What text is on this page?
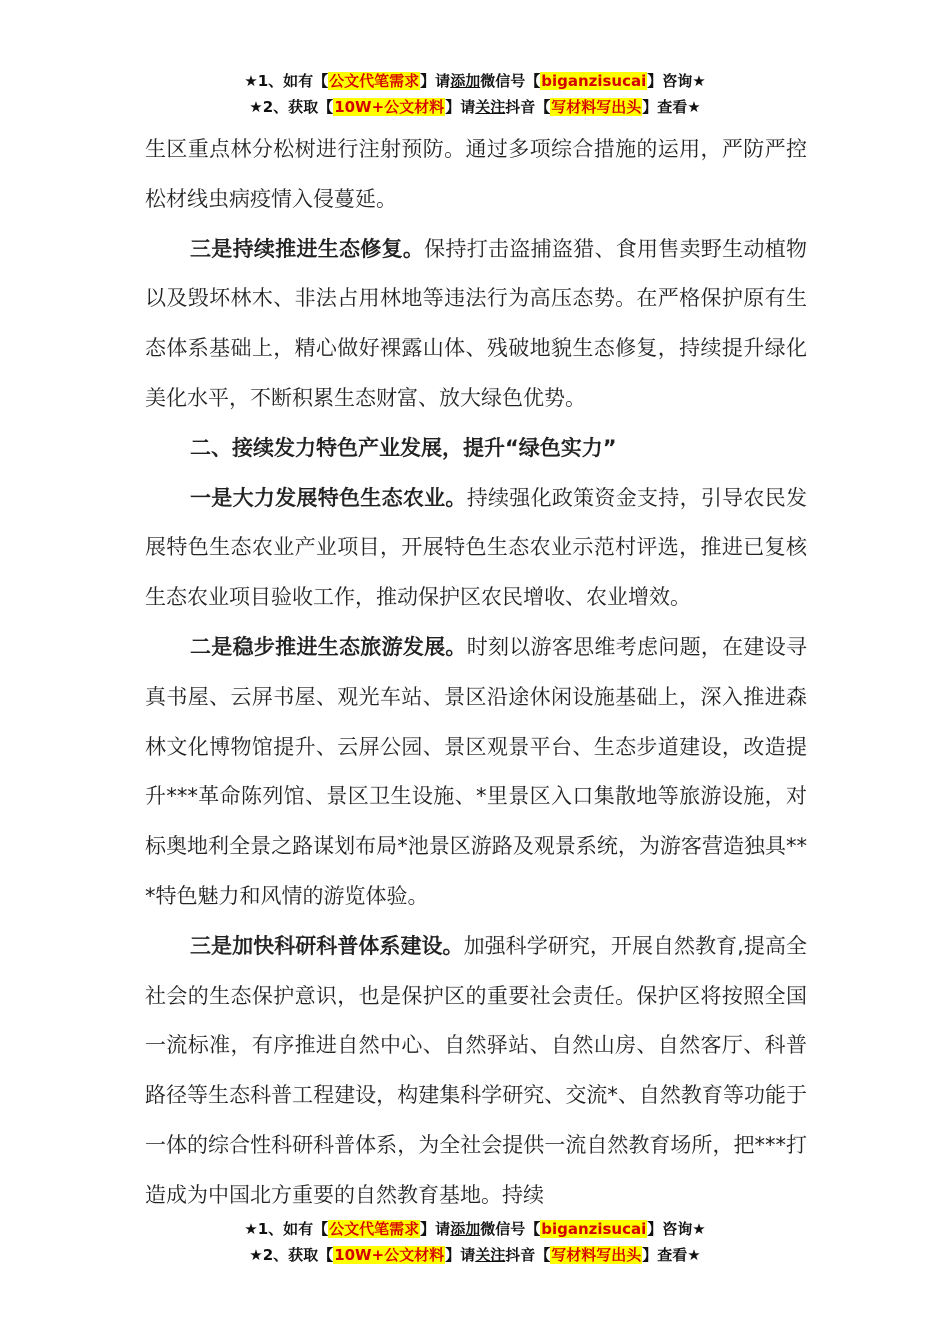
★1、如有【公文代笔需求】请添加微信号【biganzisucai】咨询★
★2、获取【10W+公文材料】请关注抖音【写材料写出头】查看★

生区重点林分松树进行注射预防。通过多项综合措施的运用，严防严控松材线虫病疫情入侵蔓延。

三是持续推进生态修复。保持打击盗捕盗猎、食用售卖野生动植物以及毁坏林木、非法占用林地等违法行为高压态势。在严格保护原有生态体系基础上，精心做好裸露山体、残破地貌生态修复，持续提升绿化美化水平，不断积累生态财富、放大绿色优势。

二、接续发力特色产业发展，提升“绿色实力”

一是大力发展特色生态农业。持续强化政策资金支持，引导农民发展特色生态农业产业项目，开展特色生态农业示范村评选，推进已复核生态农业项目验收工作，推动保护区农民增收、农业增效。

二是稳步推进生态旅游发展。时刻以游客思维考虑问题，在建设寻真书屋、云屏书屋、观光车站、景区沿途休闲设施基础上，深入推进森林文化博物馆提升、云屏公园、景区观景平台、生态步道建设，改造提升***革命陈列馆、景区卫生设施、*里景区入口集散地等旅游设施，对标奥地利全景之路谋划布局*池景区游路及观景系统，为游客营造独具***特色魅力和风情的游览体验。

三是加快科研科普体系建设。加强科学研究，开展自然教育,提高全社会的生态保护意识，也是保护区的重要社会责任。保护区将按照全国一流标准，有序推进自然中心、自然驿站、自然山房、自然客厅、科普路径等生态科普工程建设，构建集科学研究、交流*、自然教育等功能于一体的综合性科研科普体系，为全社会提供一流自然教育场所，把***打造成为中国北方重要的自然教育基地。持续

★1、如有【公文代笔需求】请添加微信号【biganzisucai】咨询★
★2、获取【10W+公文材料】请关注抖音【写材料写出头】查看★
